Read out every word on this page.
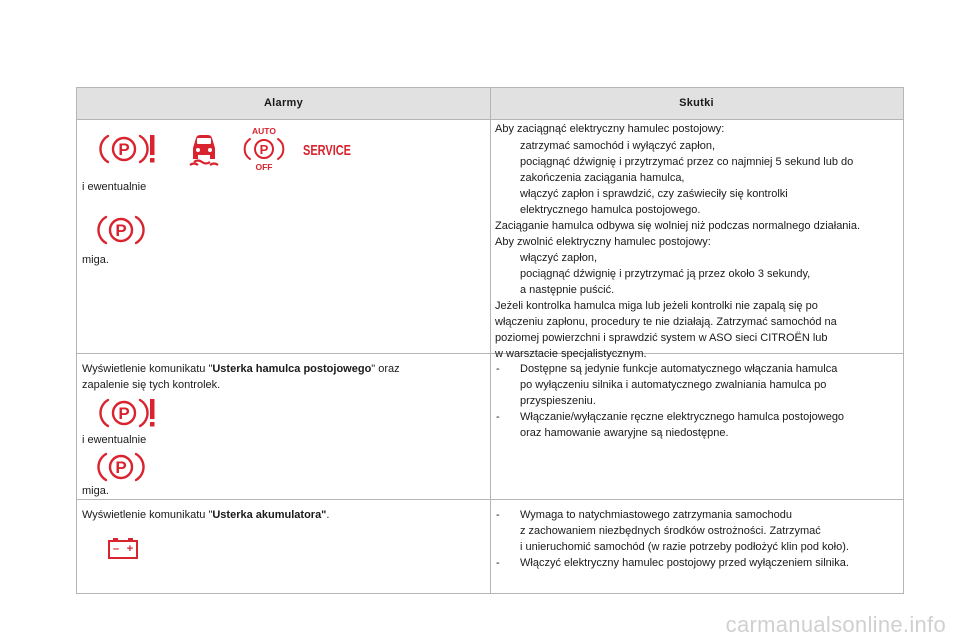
Alarmy	Skutki
P
AUTO
P
OFF
SERVICE
i ewentualnie
P
miga.
Aby zaciągnąć elektryczny hamulec postojowy:
zatrzymać samochód i wyłączyć zapłon,
pociągnąć dźwignię i przytrzymać przez co najmniej 5 sekund lub do
zakończenia zaciągania hamulca,
włączyć zapłon i sprawdzić, czy zaświeciły się kontrolki
elektrycznego hamulca postojowego.
Zaciąganie hamulca odbywa się wolniej niż podczas normalnego działania.
Aby zwolnić elektryczny hamulec postojowy:
włączyć zapłon,
pociągnąć dźwignię i przytrzymać ją przez około 3 sekundy,
a następnie puścić.
Jeżeli kontrolka hamulca miga lub jeżeli kontrolki nie zapalą się po
włączeniu zapłonu, procedury te nie działają. Zatrzymać samochód na
poziomej powierzchni i sprawdzić system w ASO sieci CITROËN lub
w warsztacie specjalistycznym.
Wyświetlenie komunikatu "Usterka hamulca postojowego" oraz
zapalenie się tych kontrolek.
P
i ewentualnie
P
miga.
- Dostępne są jedynie funkcje automatycznego włączania hamulca
po wyłączeniu silnika i automatycznego zwalniania hamulca po
przyspieszeniu.
- Włączanie/wyłączanie ręczne elektrycznego hamulca postojowego
oraz hamowanie awaryjne są niedostępne.
Wyświetlenie komunikatu "Usterka akumulatora".
– +
- Wymaga to natychmiastowego zatrzymania samochodu
z zachowaniem niezbędnych środków ostrożności. Zatrzymać
i unieruchomić samochód (w razie potrzeby podłożyć klin pod koło).
- Włączyć elektryczny hamulec postojowy przed wyłączeniem silnika.
carmanualsonline.info
